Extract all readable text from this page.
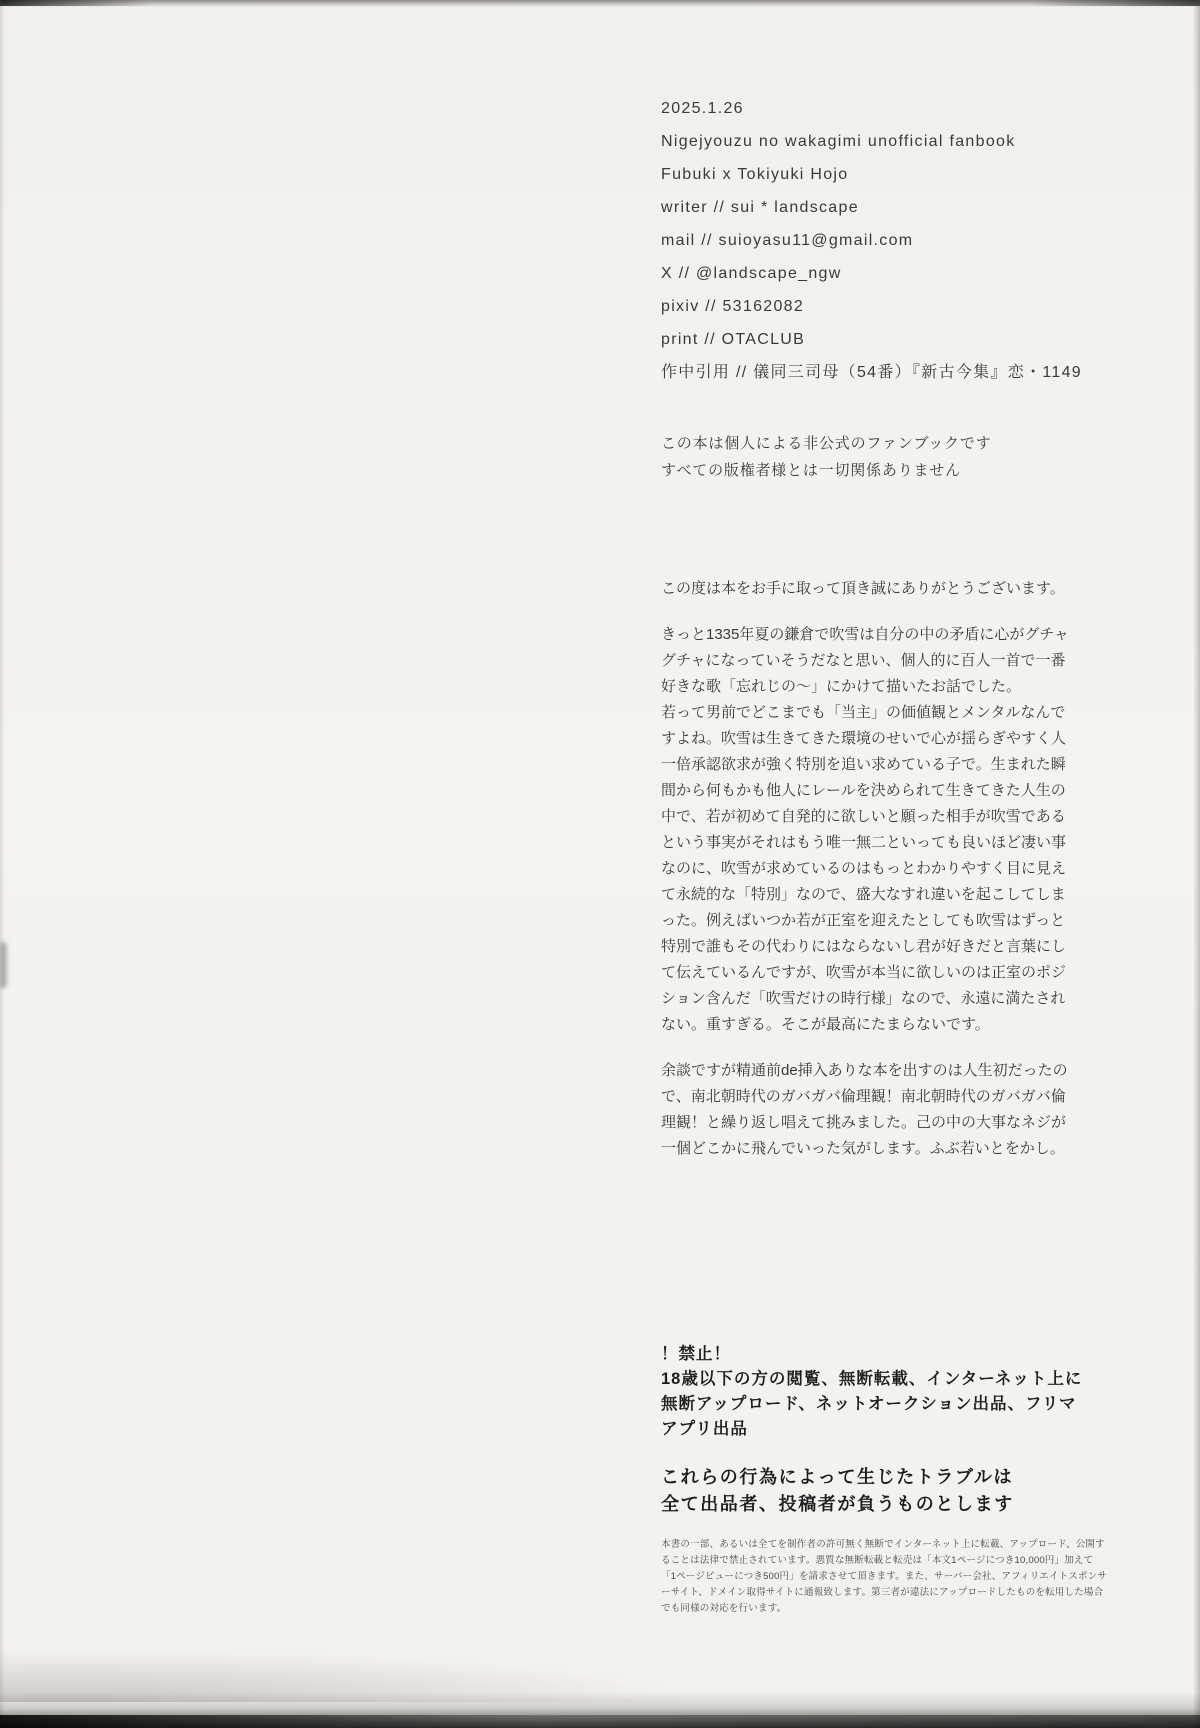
2025.1.26
Nigejyouzu no wakagimi unofficial fanbook
Fubuki x Tokiyuki Hojo
writer // sui * landscape
mail // suioyasu11@gmail.com
X // @landscape_ngw
pixiv // 53162082
print // OTACLUB
作中引用 // 儀同三司母（54番）『新古今集』恋・1149
この本は個人による非公式のファンブックです
すべての版権者様とは一切関係ありません

この度は本をお手に取って頂き誠にありがとうございます。

きっと1335年夏の鎌倉で吹雪は自分の中の矛盾に心がグチャ
グチャになっていそうだなと思い、個人的に百人一首で一番
好きな歌「忘れじの〜」にかけて描いたお話でした。
若って男前でどこまでも「当主」の価値観とメンタルなんで
すよね。吹雪は生きてきた環境のせいで心が揺らぎやすく人
一倍承認欲求が強く特別を追い求めている子で。生まれた瞬
間から何もかも他人にレールを決められて生きてきた人生の
中で、若が初めて自発的に欲しいと願った相手が吹雪である
という事実がそれはもう唯一無二といっても良いほど凄い事
なのに、吹雪が求めているのはもっとわかりやすく目に見え
て永続的な「特別」なので、盛大なすれ違いを起こしてしま
った。例えばいつか若が正室を迎えたとしても吹雪はずっと
特別で誰もその代わりにはならないし君が好きだと言葉にし
て伝えているんですが、吹雪が本当に欲しいのは正室のポジ
ション含んだ「吹雪だけの時行様」なので、永遠に満たされ
ない。重すぎる。そこが最高にたまらないです。
余談ですが精通前de挿入ありな本を出すのは人生初だったの
で、南北朝時代のガバガバ倫理観！南北朝時代のガバガバ倫
理観！と繰り返し唱えて挑みました。己の中の大事なネジが
一個どこかに飛んでいった気がします。ふぶ若いとをかし。
！禁止！
18歳以下の方の閲覧、無断転載、インターネット上に
無断アップロード、ネットオークション出品、フリマ
アプリ出品
これらの行為によって生じたトラブルは
全て出品者、投稿者が負うものとします
本書の一部、あるいは全てを制作者の許可無く無断でインターネット上に転載、アップロード、公開す
ることは法律で禁止されています。悪質な無断転載と転売は「本文1ページにつき10,000円」加えて
「1ページビューにつき500円」を請求させて頂きます。また、サーバー会社、アフィリエイトスポンサ
ーサイト、ドメイン取得サイトに通報致します。第三者が違法にアップロードしたものを転用した場合
でも同様の対応を行います。
